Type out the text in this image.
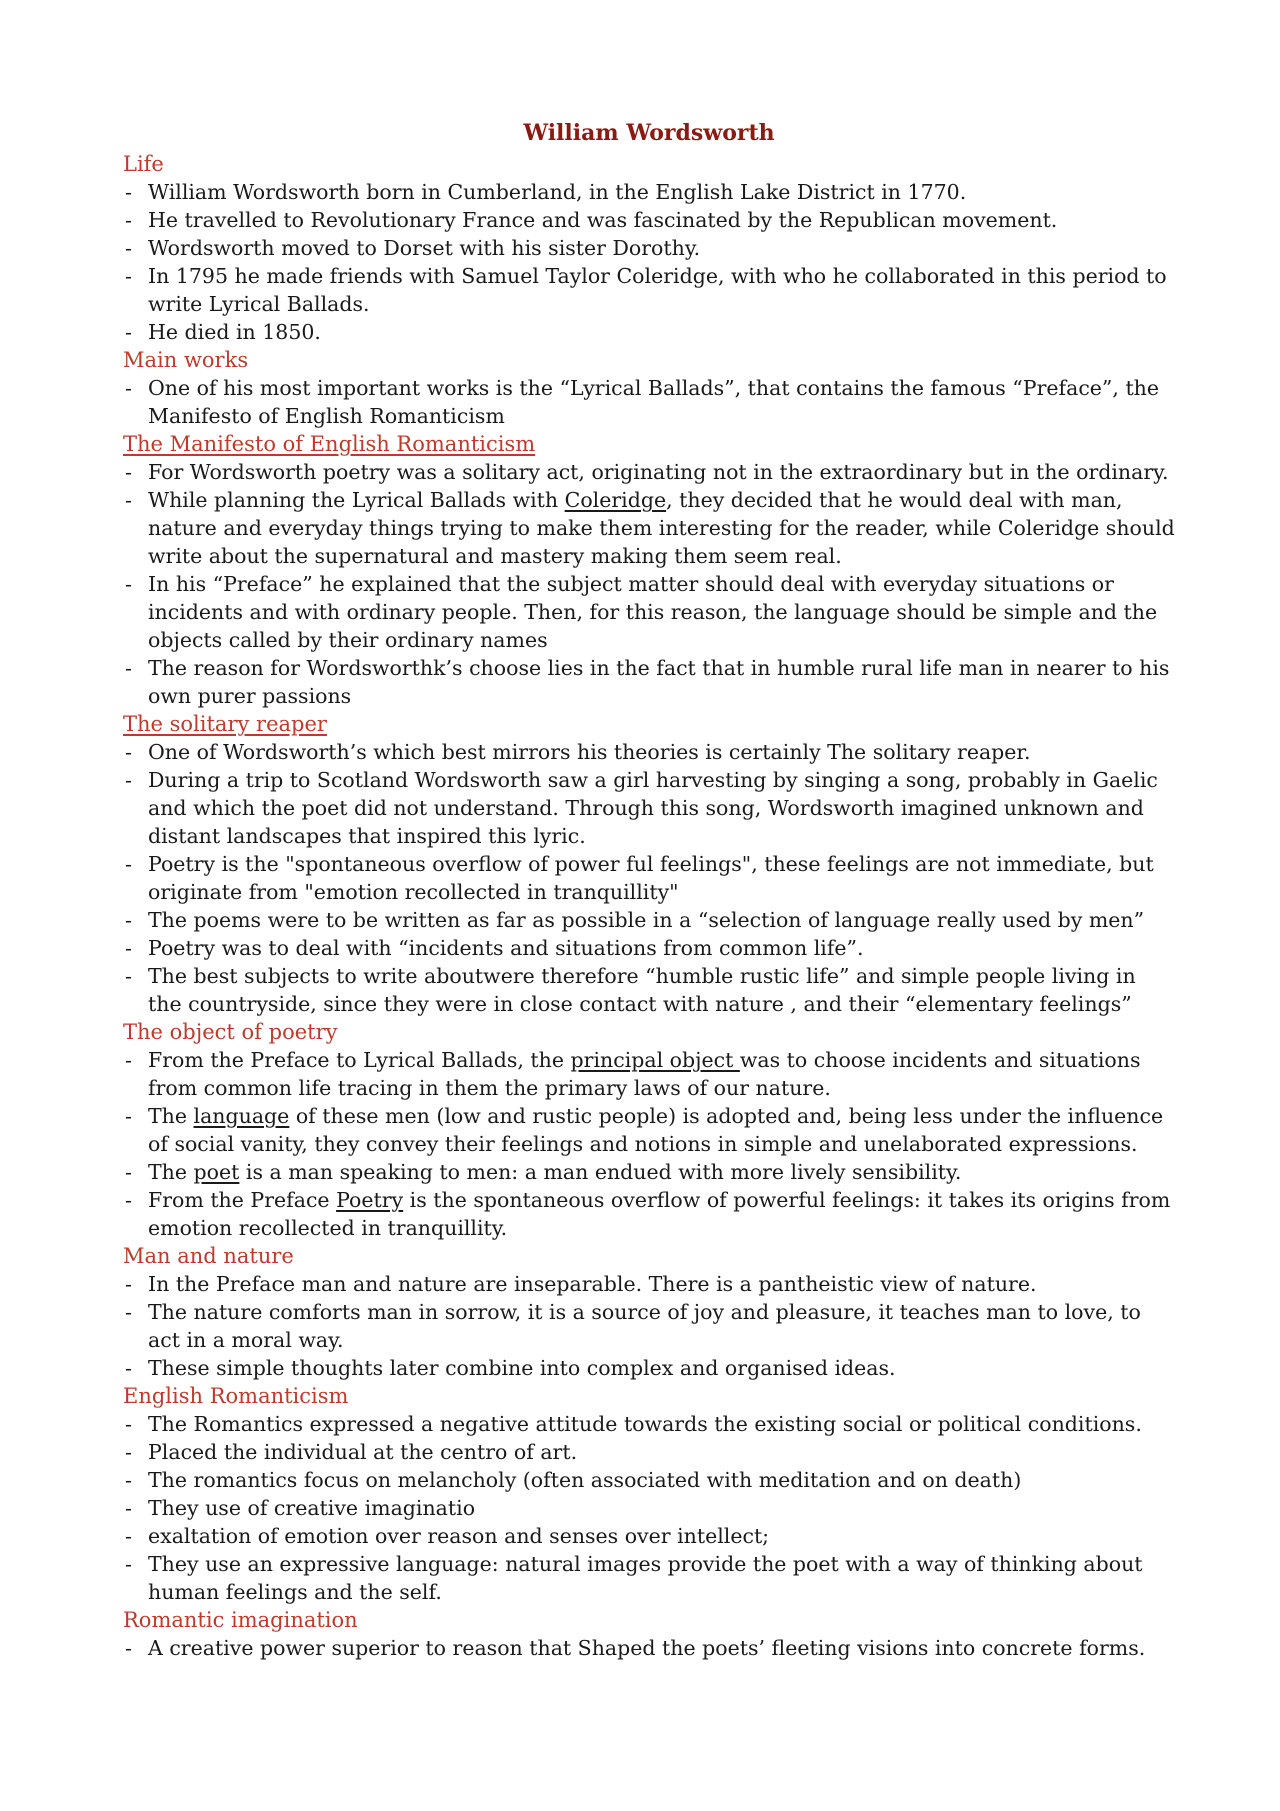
William Wordsworth
Life
- William Wordsworth born in Cumberland, in the English Lake District in 1770.
- He travelled to Revolutionary France and was fascinated by the Republican movement.
- Wordsworth moved to Dorset with his sister Dorothy.
- In 1795 he made friends with Samuel Taylor Coleridge, with who he collaborated in this period to write Lyrical Ballads.
- He died in 1850.
Main works
- One of his most important works is the “Lyrical Ballads”, that contains the famous “Preface”, the Manifesto of English Romanticism
The Manifesto of English Romanticism
- For Wordsworth poetry was a solitary act, originating not in the extraordinary but in the ordinary.
- While planning the Lyrical Ballads with Coleridge, they decided that he would deal with man, nature and everyday things trying to make them interesting for the reader, while Coleridge should write about the supernatural and mastery making them seem real.
- In his “Preface” he explained that the subject matter should deal with everyday situations or incidents and with ordinary people. Then, for this reason, the language should be simple and the objects called by their ordinary names
- The reason for Wordsworthk’s choose lies in the fact that in humble rural life man in nearer to his own purer passions
The solitary reaper
- One of Wordsworth’s which best mirrors his theories is certainly The solitary reaper.
- During a trip to Scotland Wordsworth saw a girl harvesting by singing a song, probably in Gaelic and which the poet did not understand. Through this song, Wordsworth imagined unknown and distant landscapes that inspired this lyric.
- Poetry is the "spontaneous overflow of power ful feelings", these feelings are not immediate, but originate from "emotion recollected in tranquillity"
- The poems were to be written as far as possible in a “selection of language really used by men”
- Poetry was to deal with “incidents and situations from common life”.
- The best subjects to write aboutwere therefore “humble rustic life” and simple people living in the countryside, since they were in close contact with nature , and their “elementary feelings”
The object of poetry
- From the Preface to Lyrical Ballads, the principal object was to choose incidents and situations from common life tracing in them the primary laws of our nature.
- The language of these men (low and rustic people) is adopted and, being less under the influence of social vanity, they convey their feelings and notions in simple and unelaborated expressions.
- The poet is a man speaking to men: a man endued with more lively sensibility.
- From the Preface Poetry is the spontaneous overflow of powerful feelings: it takes its origins from emotion recollected in tranquillity.
Man and nature
- In the Preface man and nature are inseparable. There is a pantheistic view of nature.
- The nature comforts man in sorrow, it is a source of joy and pleasure, it teaches man to love, to act in a moral way.
- These simple thoughts later combine into complex and organised ideas.
English Romanticism
- The Romantics expressed a negative attitude towards the existing social or political conditions.
- Placed the individual at the centro of art.
- The romantics focus on melancholy (often associated with meditation and on death)
- They use of creative imaginatio
- exaltation of emotion over reason and senses over intellect;
- They use an expressive language: natural images provide the poet with a way of thinking about human feelings and the self.
Romantic imagination
- A creative power superior to reason that Shaped the poets’ fleeting visions into concrete forms.
